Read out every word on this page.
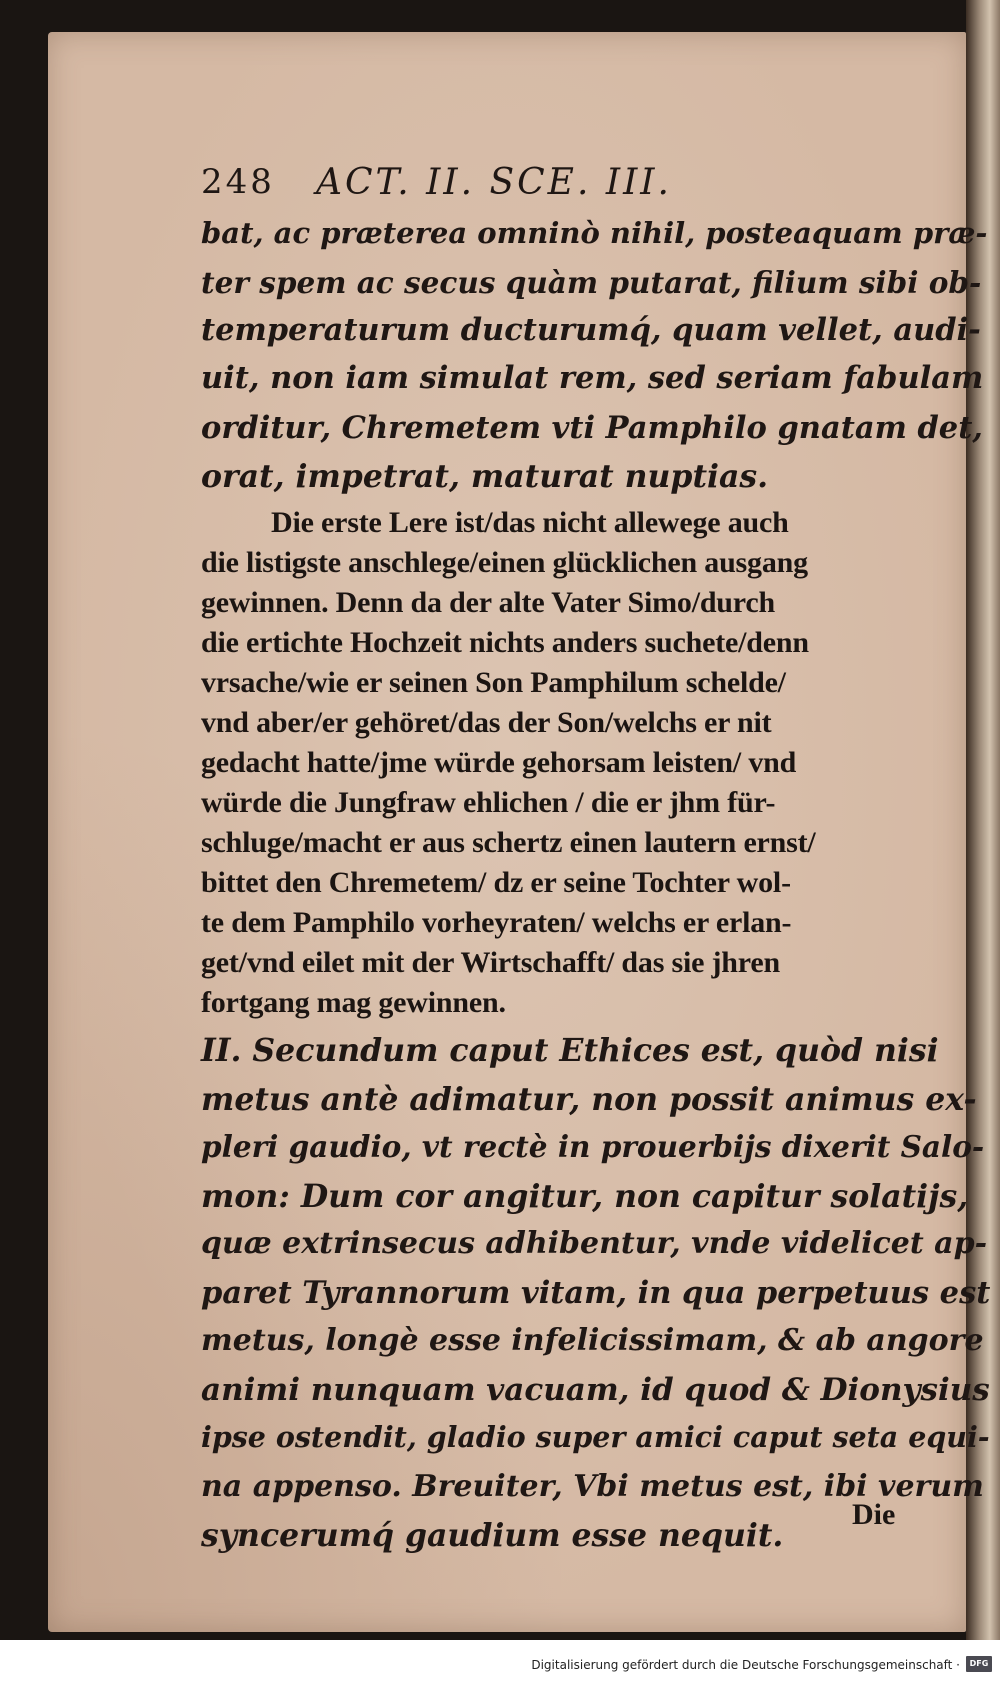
248 ACT. II. SCE. III.

bat, ac præterea omninò nihil, posteaquam præ-

ter spem ac secus quàm putarat, filium sibi ob-

temperaturum ducturumq́, quam vellet, audi-

uit, non iam simulat rem, sed seriam fabulam

orditur, Chremetem vti Pamphilo gnatam det,

orat, impetrat, maturat nuptias.

Die erste Lere ist/das nicht allewege auch

die listigste anschlege/einen glücklichen ausgang

gewinnen. Denn da der alte Vater Simo/durch

die ertichte Hochzeit nichts anders suchete/denn

vrsache/wie er seinen Son Pamphilum schelde/

vnd aber/er gehöret/das der Son/welchs er nit

gedacht hatte/jme würde gehorsam leisten/ vnd

würde die Jungfraw ehlichen / die er jhm für-

schluge/macht er aus schertz einen lautern ernst/

bittet den Chremetem/ dz er seine Tochter wol-

te dem Pamphilo vorheyraten/ welchs er erlan-

get/vnd eilet mit der Wirtschafft/ das sie jhren

fortgang mag gewinnen.

II. Secundum caput Ethices est, quòd nisi

metus antè adimatur, non possit animus ex-

pleri gaudio, vt rectè in prouerbijs dixerit Salo-

mon: Dum cor angitur, non capitur solatijs,

quæ extrinsecus adhibentur, vnde videlicet ap-

paret Tyrannorum vitam, in qua perpetuus est

metus, longè esse infelicissimam, & ab angore

animi nunquam vacuam, id quod & Dionysius

ipse ostendit, gladio super amici caput seta equi-

na appenso. Breuiter, Vbi metus est, ibi verum

syncerumq́ gaudium esse nequit.

Die
Digitalisierung gefördert durch die Deutsche Forschungsgemeinschaft ·	DFG
